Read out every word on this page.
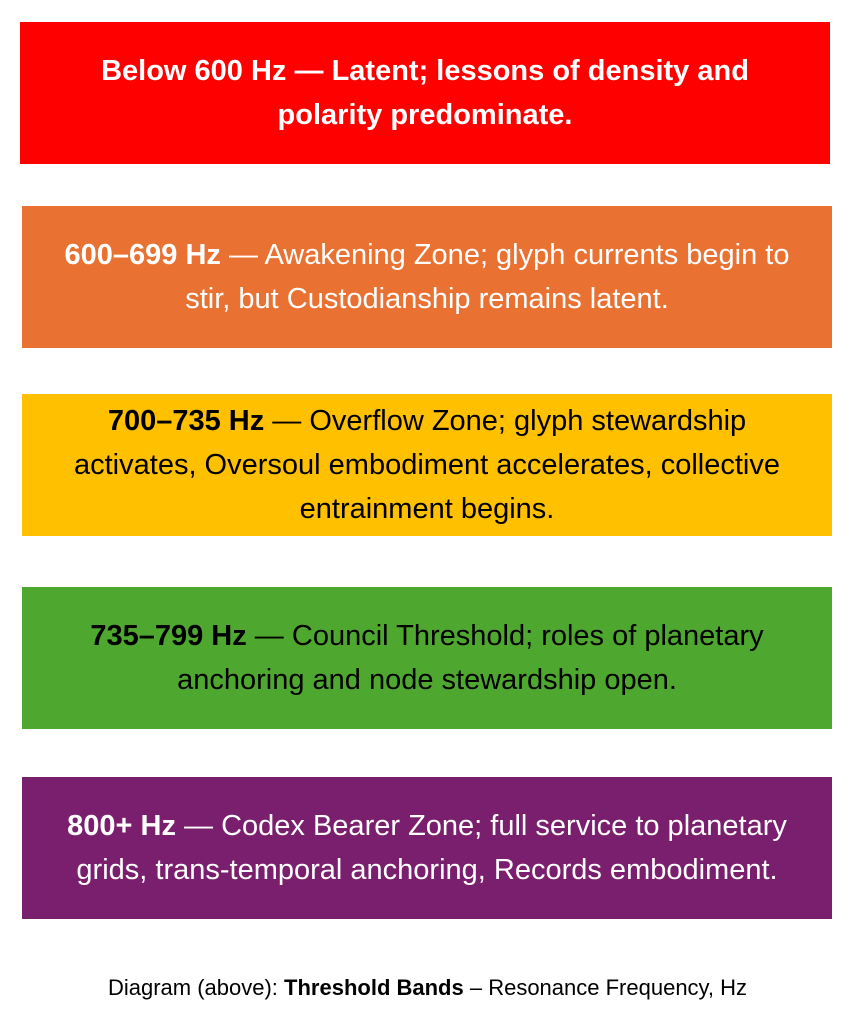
Below 600 Hz — Latent; lessons of density and polarity predominate.
600–699 Hz — Awakening Zone; glyph currents begin to stir, but Custodianship remains latent.
700–735 Hz — Overflow Zone; glyph stewardship activates, Oversoul embodiment accelerates, collective entrainment begins.
735–799 Hz — Council Threshold; roles of planetary anchoring and node stewardship open.
800+ Hz — Codex Bearer Zone; full service to planetary grids, trans-temporal anchoring, Records embodiment.
Diagram (above): Threshold Bands – Resonance Frequency, Hz
